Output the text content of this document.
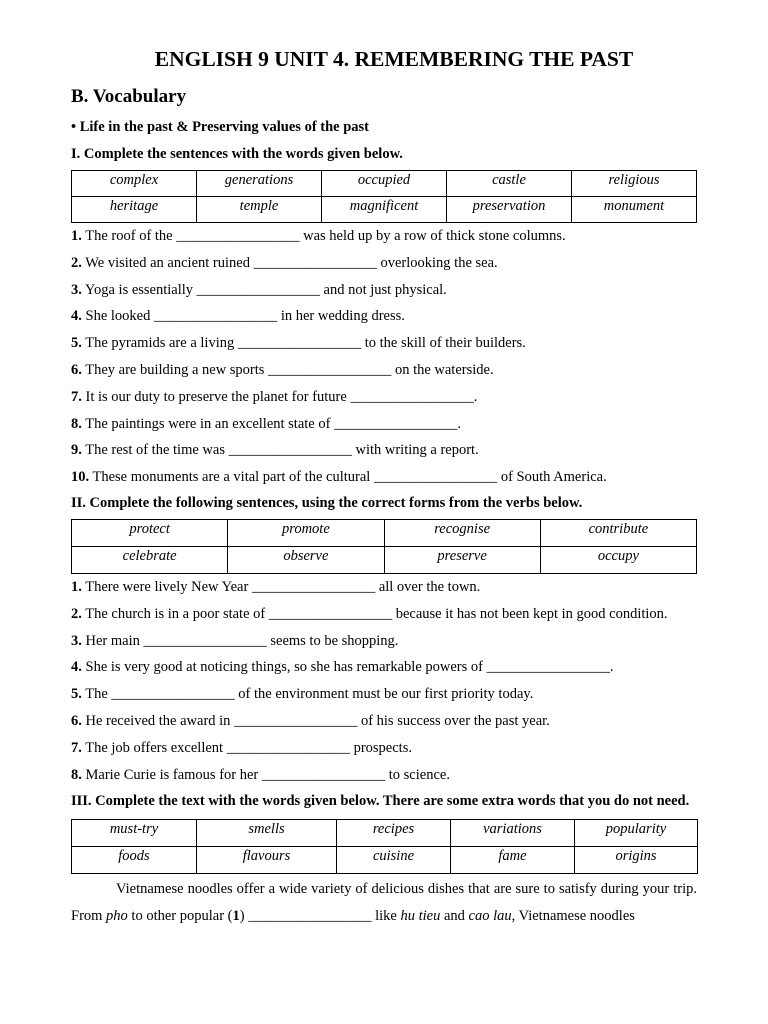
ENGLISH 9 UNIT 4. REMEMBERING THE PAST
B. Vocabulary
• Life in the past & Preserving values of the past
I. Complete the sentences with the words given below.
complex	generations	occupied	castle	religious
heritage	temple	magnificent	preservation	monument
1. The roof of the _________________ was held up by a row of thick stone columns.
2. We visited an ancient ruined _________________ overlooking the sea.
3. Yoga is essentially _________________ and not just physical.
4. She looked _________________ in her wedding dress.
5. The pyramids are a living _________________ to the skill of their builders.
6. They are building a new sports _________________ on the waterside.
7. It is our duty to preserve the planet for future _________________.
8. The paintings were in an excellent state of _________________.
9. The rest of the time was _________________ with writing a report.
10. These monuments are a vital part of the cultural _________________ of South America.
II. Complete the following sentences, using the correct forms from the verbs below.
protect	promote	recognise	contribute
celebrate	observe	preserve	occupy
1. There were lively New Year _________________ all over the town.
2. The church is in a poor state of _________________ because it has not been kept in good condition.
3. Her main _________________ seems to be shopping.
4. She is very good at noticing things, so she has remarkable powers of _________________.
5. The _________________ of the environment must be our first priority today.
6. He received the award in _________________ of his success over the past year.
7. The job offers excellent _________________ prospects.
8. Marie Curie is famous for her _________________ to science.
III. Complete the text with the words given below. There are some extra words that you do not need.
must-try	smells	recipes	variations	popularity
foods	flavours	cuisine	fame	origins
Vietnamese noodles offer a wide variety of delicious dishes that are sure to satisfy during your trip. From pho to other popular (1) _________________ like hu tieu and cao lau, Vietnamese noodles
